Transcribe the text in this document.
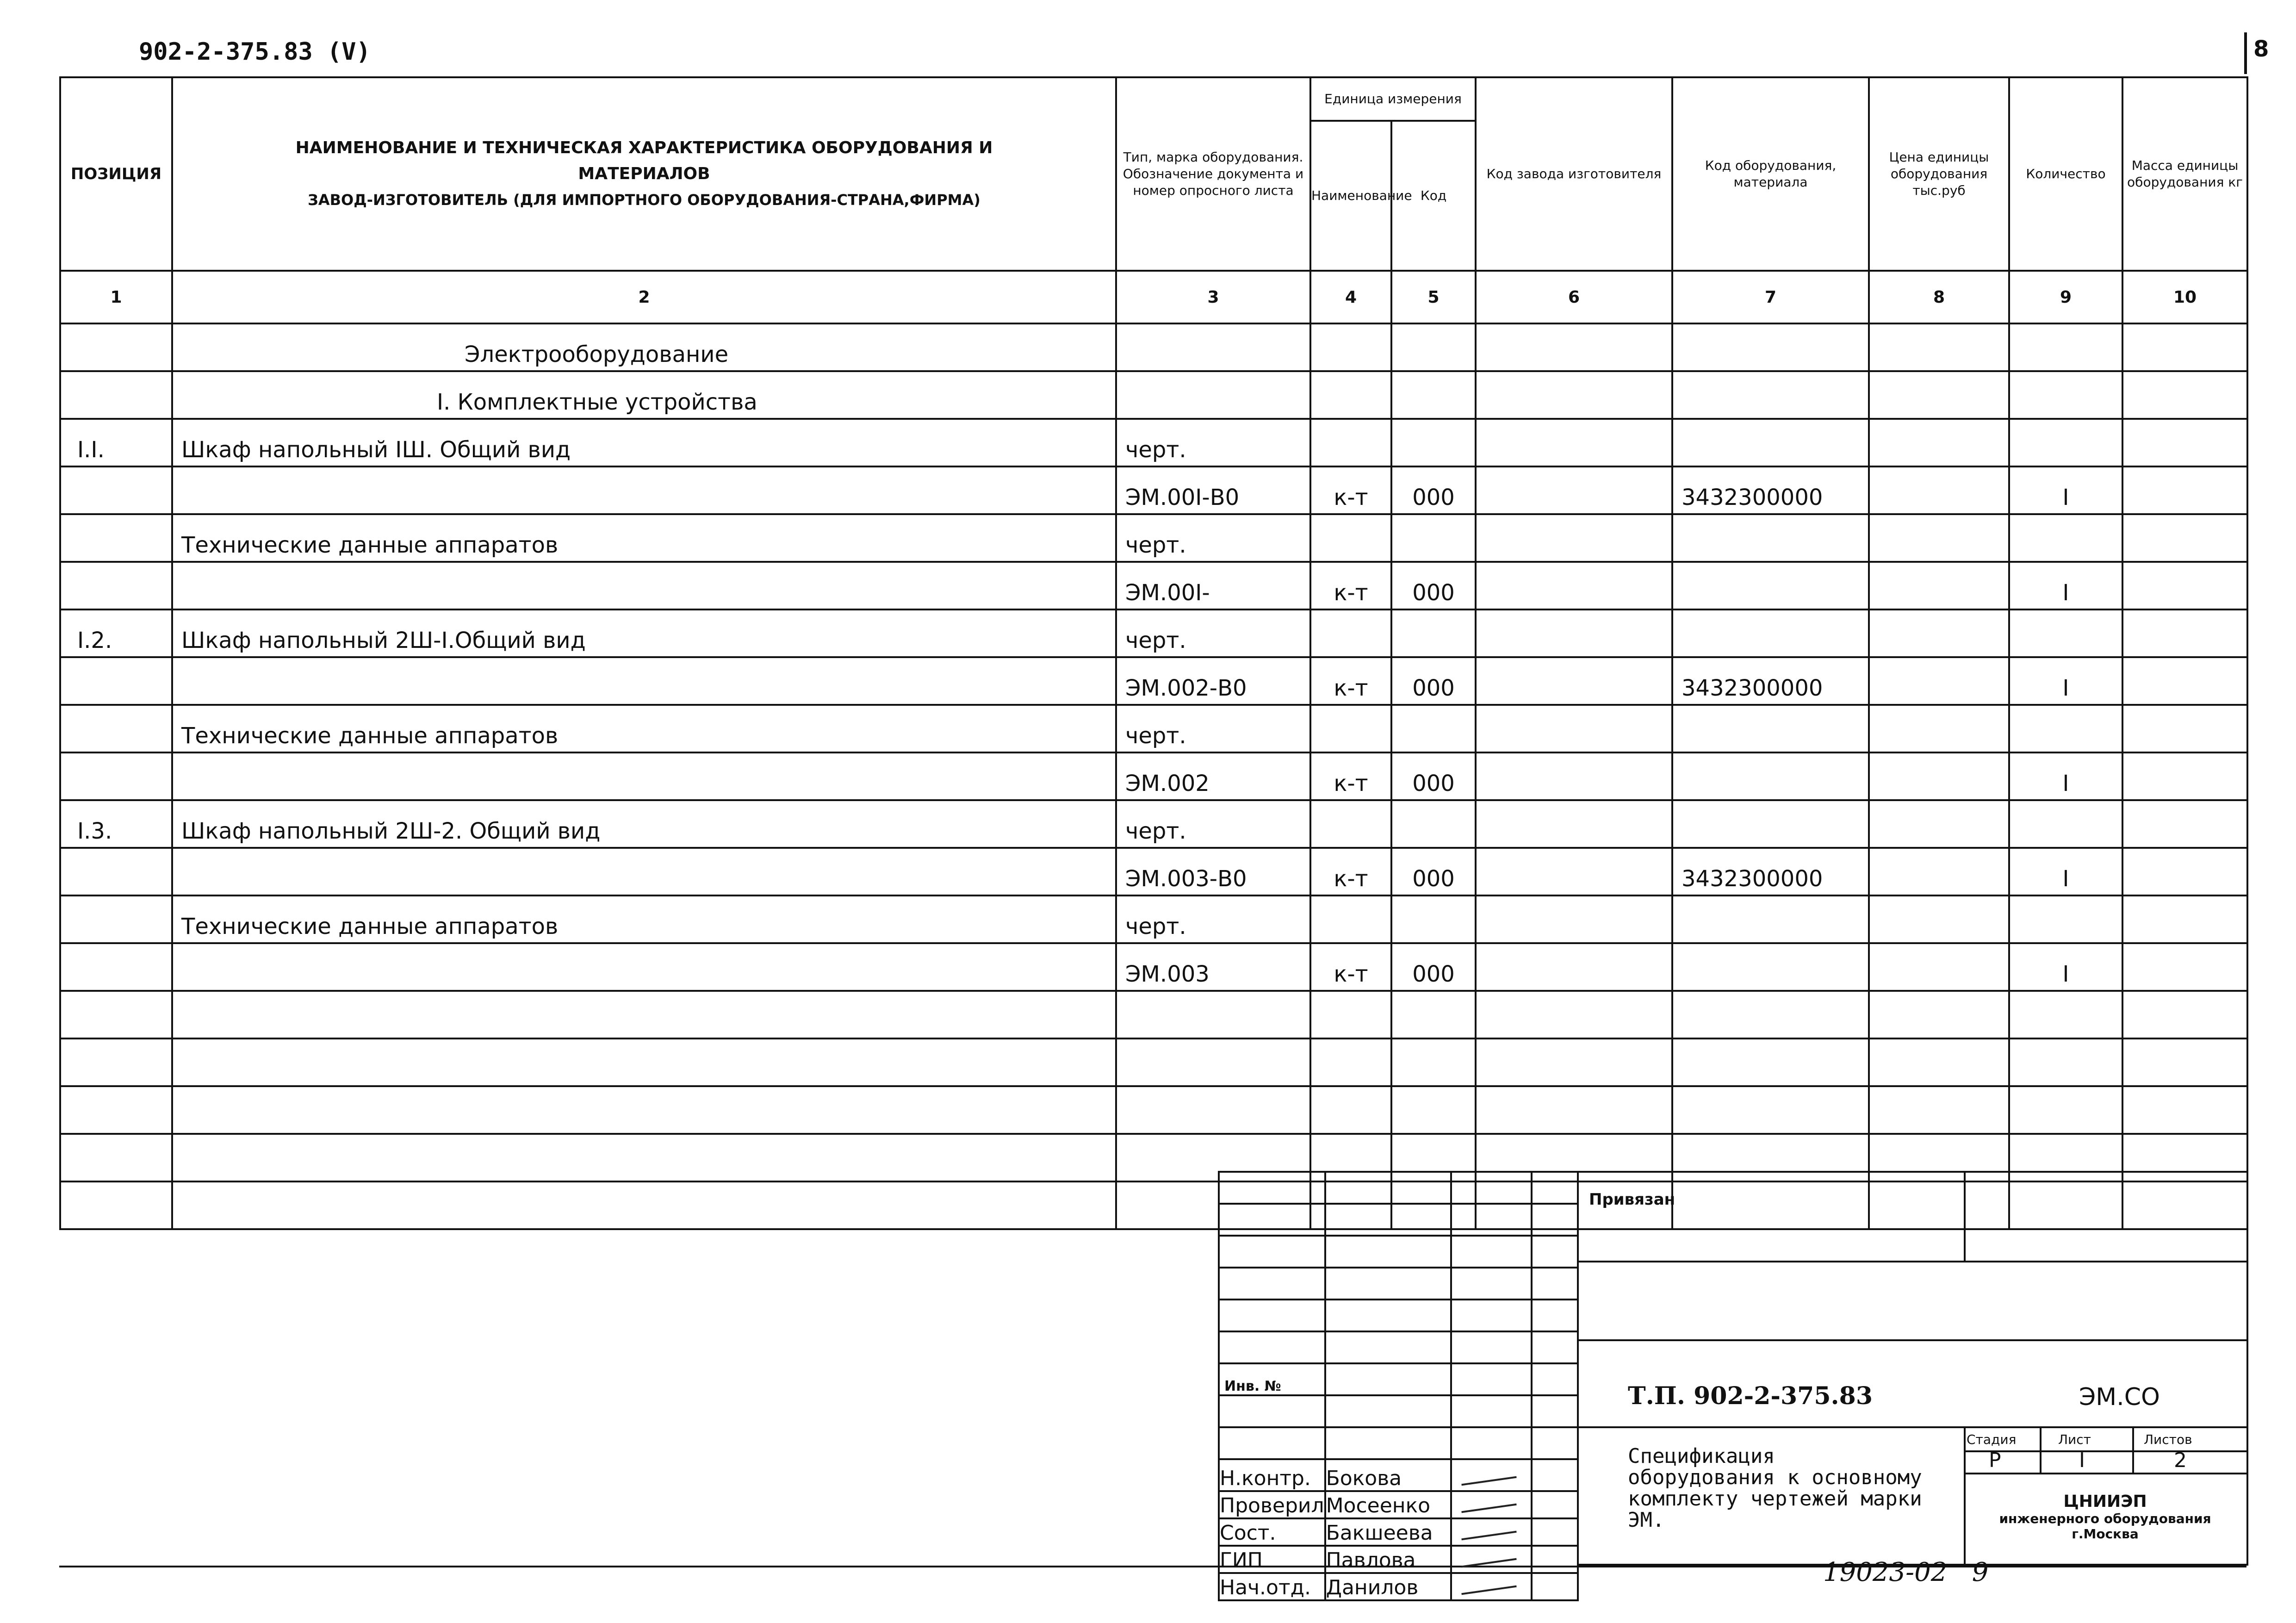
902-2-375.83 (V)	8
ПОЗИЦИЯ	НАИМЕНОВАНИЕ И ТЕХНИЧЕСКАЯ ХАРАКТЕРИСТИКА ОБОРУДОВАНИЯ И
МАТЕРИАЛОВ
ЗАВОД-ИЗГОТОВИТЕЛЬ (ДЛЯ ИМПОРТНОГО ОБОРУДОВАНИЯ-СТРАНА,ФИРМА)	Тип, марка оборудования. Обозначение документа и номер опросного листа	Единица измерения		Код завода изготовителя	Код оборудования, материала	Цена единицы оборудования тыс.руб	Количество	Масса единицы оборудования кг
			Наименование	Код					
1	2	3	4	5	6	7	8	9	10
	Электрооборудование								
	I. Комплектные устройства								
I.I.	Шкаф напольный IШ. Общий вид	черт.							
		ЭМ.00I-В0	к-т	000		3432300000		I	
	Технические данные аппаратов	черт.							
		ЭМ.00I-	к-т	000				I	
I.2.	Шкаф напольный 2Ш-I.Общий вид	черт.							
		ЭМ.002-В0	к-т	000		3432300000		I	
	Технические данные аппаратов	черт.							
		ЭМ.002	к-т	000				I	
I.3.	Шкаф напольный 2Ш-2. Общий вид	черт.							
		ЭМ.003-В0	к-т	000		3432300000		I	
	Технические данные аппаратов	черт.							
		ЭМ.003	к-т	000				I	

Инв. №			

Н.контр.	Бокова	

Проверил	Мосеенко	

Сост.	Бакшеева	

ГИП	Павлова	

Нач.отд.	Данилов	

Привязан
Т.П. 902-2-375.83	ЭМ.СО
Спецификация оборудования к основному комплекту чертежей марки ЭМ.
Стадия	Лист	Листов
Р	I	2
ЦНИИЭП
инженерного оборудования
г.Москва
19023-02 9
